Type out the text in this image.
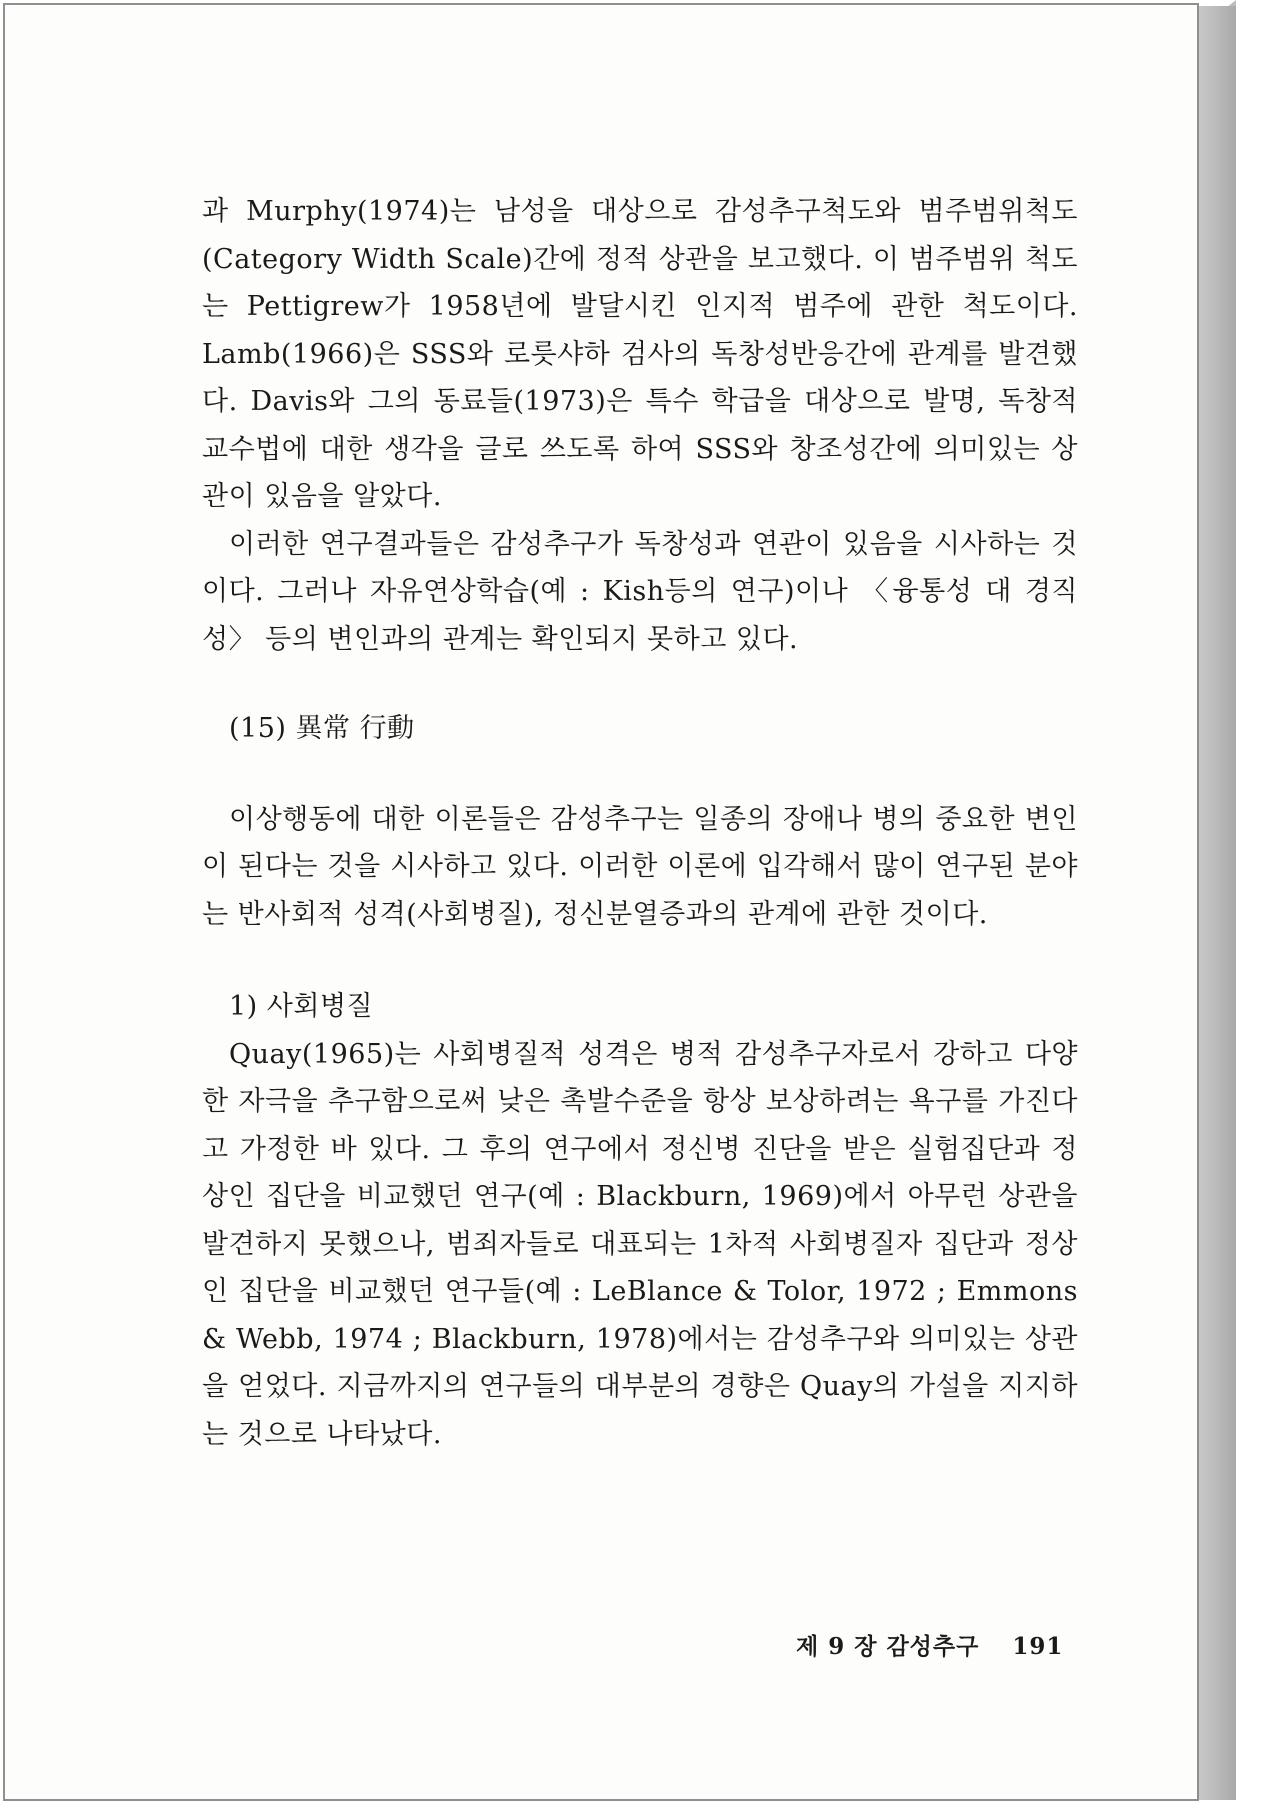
과 Murphy(1974)는 남성을 대상으로 감성추구척도와 범주범위척도(Category Width Scale)간에 정적 상관을 보고했다. 이 범주범위 척도는 Pettigrew가 1958년에 발달시킨 인지적 범주에 관한 척도이다. Lamb(1966)은 SSS와 로릇샤하 검사의 독창성반응간에 관계를 발견했다. Davis와 그의 동료들(1973)은 특수 학급을 대상으로 발명, 독창적 교수법에 대한 생각을 글로 쓰도록 하여 SSS와 창조성간에 의미있는 상관이 있음을 알았다.

이러한 연구결과들은 감성추구가 독창성과 연관이 있음을 시사하는 것이다. 그러나 자유연상학습(예 : Kish등의 연구)이나 〈융통성 대 경직성〉 등의 변인과의 관계는 확인되지 못하고 있다.

(15) 異常 行動

이상행동에 대한 이론들은 감성추구는 일종의 장애나 병의 중요한 변인이 된다는 것을 시사하고 있다. 이러한 이론에 입각해서 많이 연구된 분야는 반사회적 성격(사회병질), 정신분열증과의 관계에 관한 것이다.

1) 사회병질

Quay(1965)는 사회병질적 성격은 병적 감성추구자로서 강하고 다양한 자극을 추구함으로써 낮은 촉발수준을 항상 보상하려는 욕구를 가진다고 가정한 바 있다. 그 후의 연구에서 정신병 진단을 받은 실험집단과 정상인 집단을 비교했던 연구(예 : Blackburn, 1969)에서 아무런 상관을 발견하지 못했으나, 범죄자들로 대표되는 1차적 사회병질자 집단과 정상인 집단을 비교했던 연구들(예 : LeBlance & Tolor, 1972 ; Emmons & Webb, 1974 ; Blackburn, 1978)에서는 감성추구와 의미있는 상관을 얻었다. 지금까지의 연구들의 대부분의 경향은 Quay의 가설을 지지하는 것으로 나타났다.

제 9 장 감성추구 191
